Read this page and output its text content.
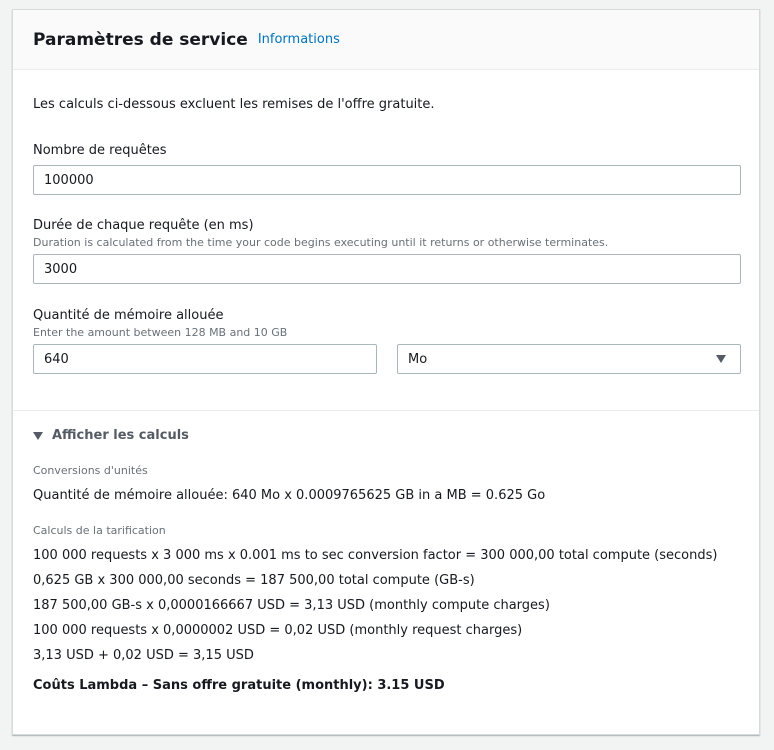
Paramètres de service Informations
Les calculs ci-dessous excluent les remises de l'offre gratuite.
Nombre de requêtes
100000
Durée de chaque requête (en ms)
Duration is calculated from the time your code begins executing until it returns or otherwise terminates.
3000
Quantité de mémoire allouée
Enter the amount between 128 MB and 10 GB
640	Mo
Afficher les calculs
Conversions d'unités
Quantité de mémoire allouée: 640 Mo x 0.0009765625 GB in a MB = 0.625 Go
Calculs de la tarification
100 000 requests x 3 000 ms x 0.001 ms to sec conversion factor = 300 000,00 total compute (seconds)
0,625 GB x 300 000,00 seconds = 187 500,00 total compute (GB-s)
187 500,00 GB-s x 0,0000166667 USD = 3,13 USD (monthly compute charges)
100 000 requests x 0,0000002 USD = 0,02 USD (monthly request charges)
3,13 USD + 0,02 USD = 3,15 USD
Coûts Lambda – Sans offre gratuite (monthly): 3.15 USD
